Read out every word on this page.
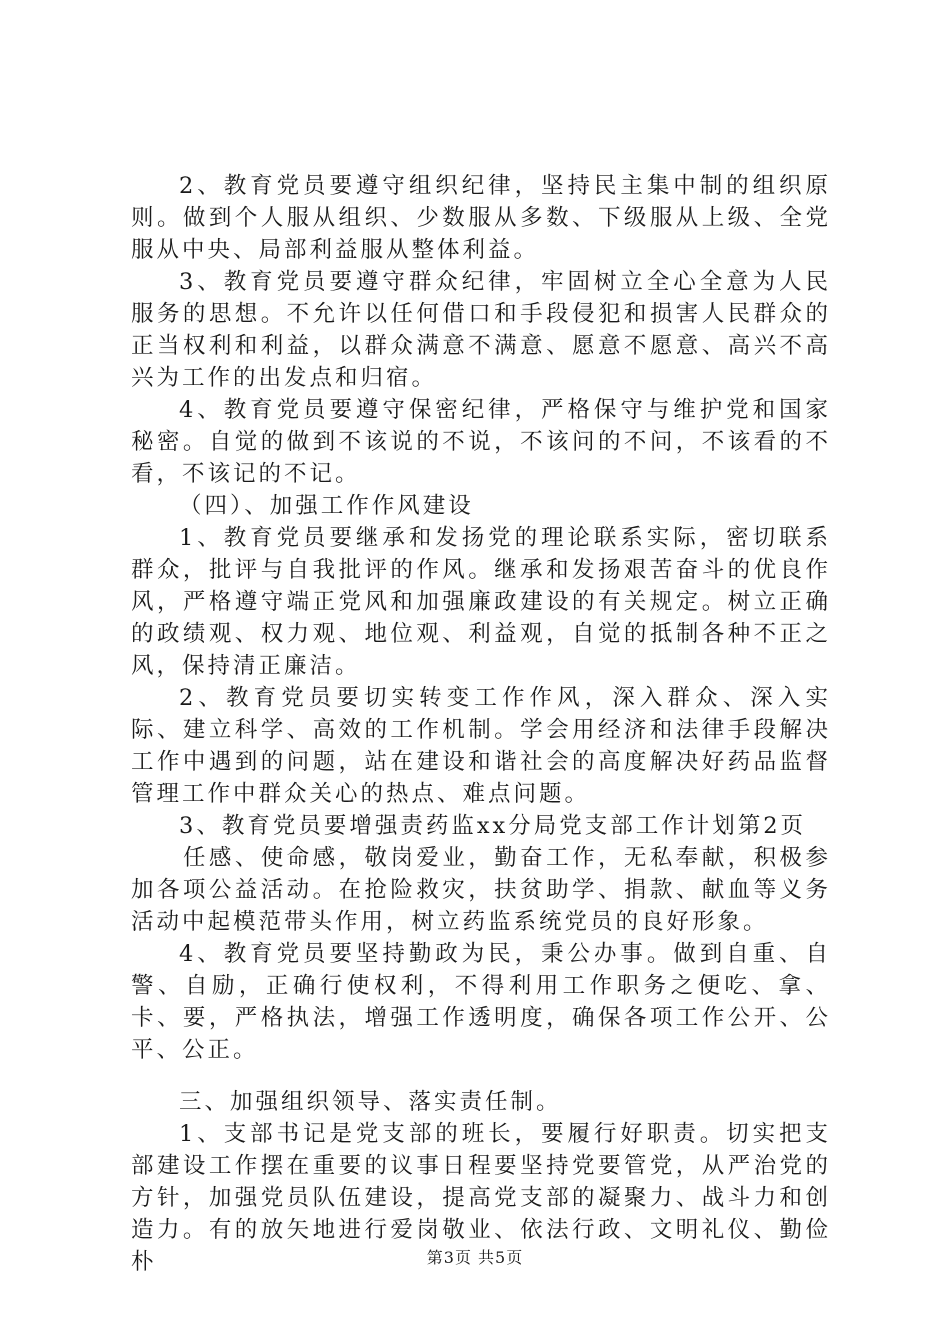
2、教育党员要遵守组织纪律，坚持民主集中制的组织原则。做到个人服从组织、少数服从多数、下级服从上级、全党服从中央、局部利益服从整体利益。

3、教育党员要遵守群众纪律，牢固树立全心全意为人民服务的思想。不允许以任何借口和手段侵犯和损害人民群众的正当权利和利益，以群众满意不满意、愿意不愿意、高兴不高兴为工作的出发点和归宿。

4、教育党员要遵守保密纪律，严格保守与维护党和国家秘密。自觉的做到不该说的不说，不该问的不问，不该看的不看，不该记的不记。

（四）、加强工作作风建设

1、教育党员要继承和发扬党的理论联系实际，密切联系群众，批评与自我批评的作风。继承和发扬艰苦奋斗的优良作风，严格遵守端正党风和加强廉政建设的有关规定。树立正确的政绩观、权力观、地位观、利益观，自觉的抵制各种不正之风，保持清正廉洁。

2、教育党员要切实转变工作作风，深入群众、深入实际、建立科学、高效的工作机制。学会用经济和法律手段解决工作中遇到的问题，站在建设和谐社会的高度解决好药品监督管理工作中群众关心的热点、难点问题。

3、教育党员要增强责药监xx分局党支部工作计划第2页

任感、使命感，敬岗爱业，勤奋工作，无私奉献，积极参加各项公益活动。在抢险救灾，扶贫助学、捐款、献血等义务活动中起模范带头作用，树立药监系统党员的良好形象。

4、教育党员要坚持勤政为民，秉公办事。做到自重、自警、自励，正确行使权利，不得利用工作职务之便吃、拿、卡、要，严格执法，增强工作透明度，确保各项工作公开、公平、公正。

三、加强组织领导、落实责任制。

1、支部书记是党支部的班长，要履行好职责。切实把支部建设工作摆在重要的议事日程要坚持党要管党，从严治党的方针，加强党员队伍建设，提高党支部的凝聚力、战斗力和创造力。有的放矢地进行爱岗敬业、依法行政、文明礼仪、勤俭朴	第3页 共5页
